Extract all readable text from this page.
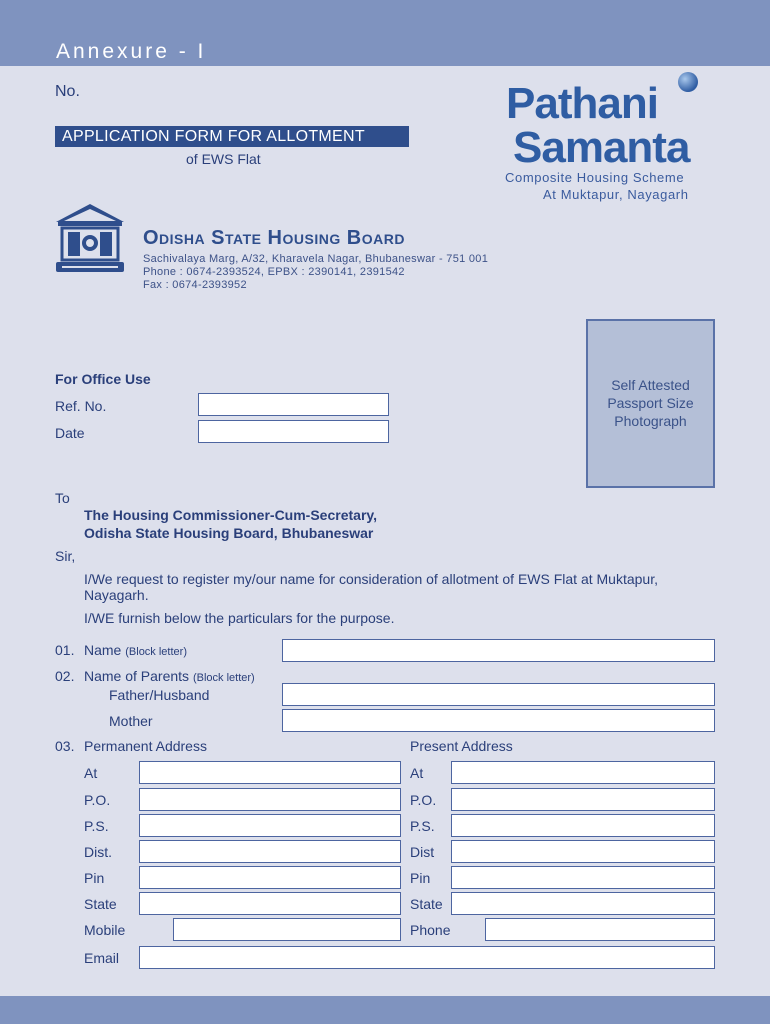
Annexure - I
No.
APPLICATION FORM FOR ALLOTMENT
of EWS Flat
Pathani
Samanta
Composite Housing Scheme
At Muktapur, Nayagarh
Odisha State Housing Board
Sachivalaya Marg, A/32, Kharavela Nagar, Bhubaneswar - 751 001
Phone : 0674-2393524, EPBX : 2390141, 2391542
Fax : 0674-2393952
Self Attested
Passport Size
Photograph
For Office Use
Ref. No.
Date
To
The Housing Commissioner-Cum-Secretary,
Odisha State Housing Board, Bhubaneswar
Sir,
I/We request to register my/our name for consideration of allotment of EWS Flat at Muktapur,
Nayagarh.
I/WE furnish below the particulars for the purpose.
01. Name (Block letter)
02. Name of Parents (Block letter)
Father/Husband
Mother
03. Permanent Address	Present Address
At
P.O.
P.S.
Dist.
Pin
State
Mobile
Email
At
P.O.
P.S.
Dist
Pin
State
Phone
